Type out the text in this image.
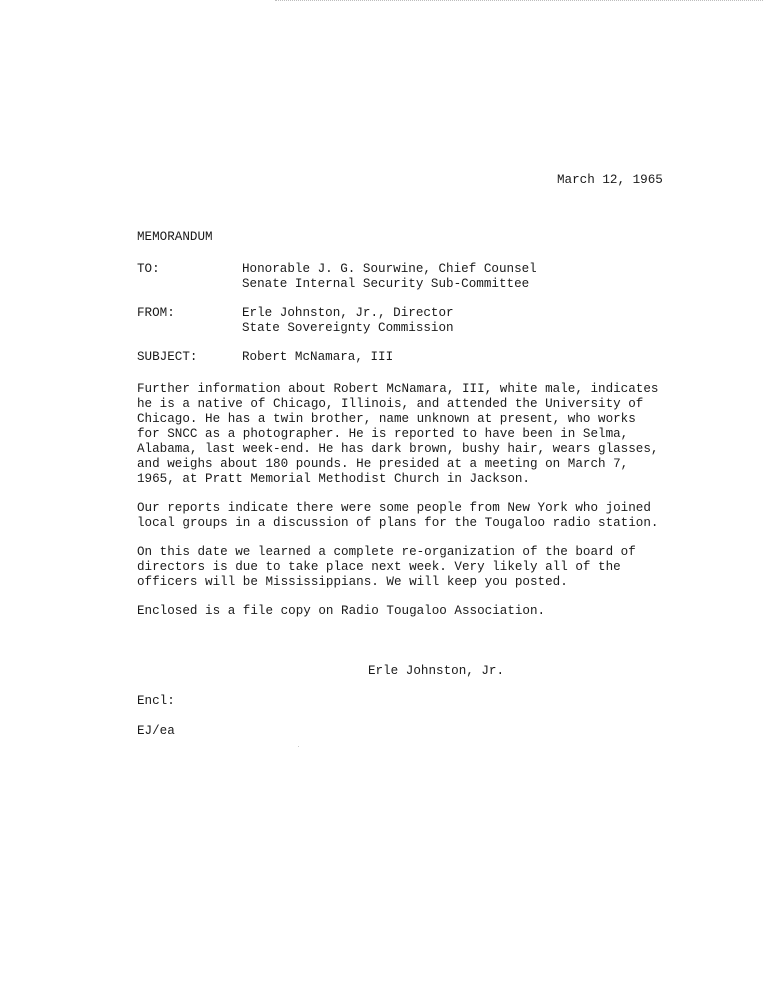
March 12, 1965
MEMORANDUM
TO:	Honorable J. G. Sourwine, Chief Counsel
Senate Internal Security Sub-Committee
FROM:	Erle Johnston, Jr., Director
State Sovereignty Commission
SUBJECT:	Robert McNamara, III
Further information about Robert McNamara, III, white male, indicates
he is a native of Chicago, Illinois, and attended the University of
Chicago. He has a twin brother, name unknown at present, who works
for SNCC as a photographer. He is reported to have been in Selma,
Alabama, last week-end. He has dark brown, bushy hair, wears glasses,
and weighs about 180 pounds. He presided at a meeting on March 7,
1965, at Pratt Memorial Methodist Church in Jackson.
Our reports indicate there were some people from New York who joined
local groups in a discussion of plans for the Tougaloo radio station.
On this date we learned a complete re-organization of the board of
directors is due to take place next week. Very likely all of the
officers will be Mississippians. We will keep you posted.
Enclosed is a file copy on Radio Tougaloo Association.
Erle Johnston, Jr.
Encl:
EJ/ea
